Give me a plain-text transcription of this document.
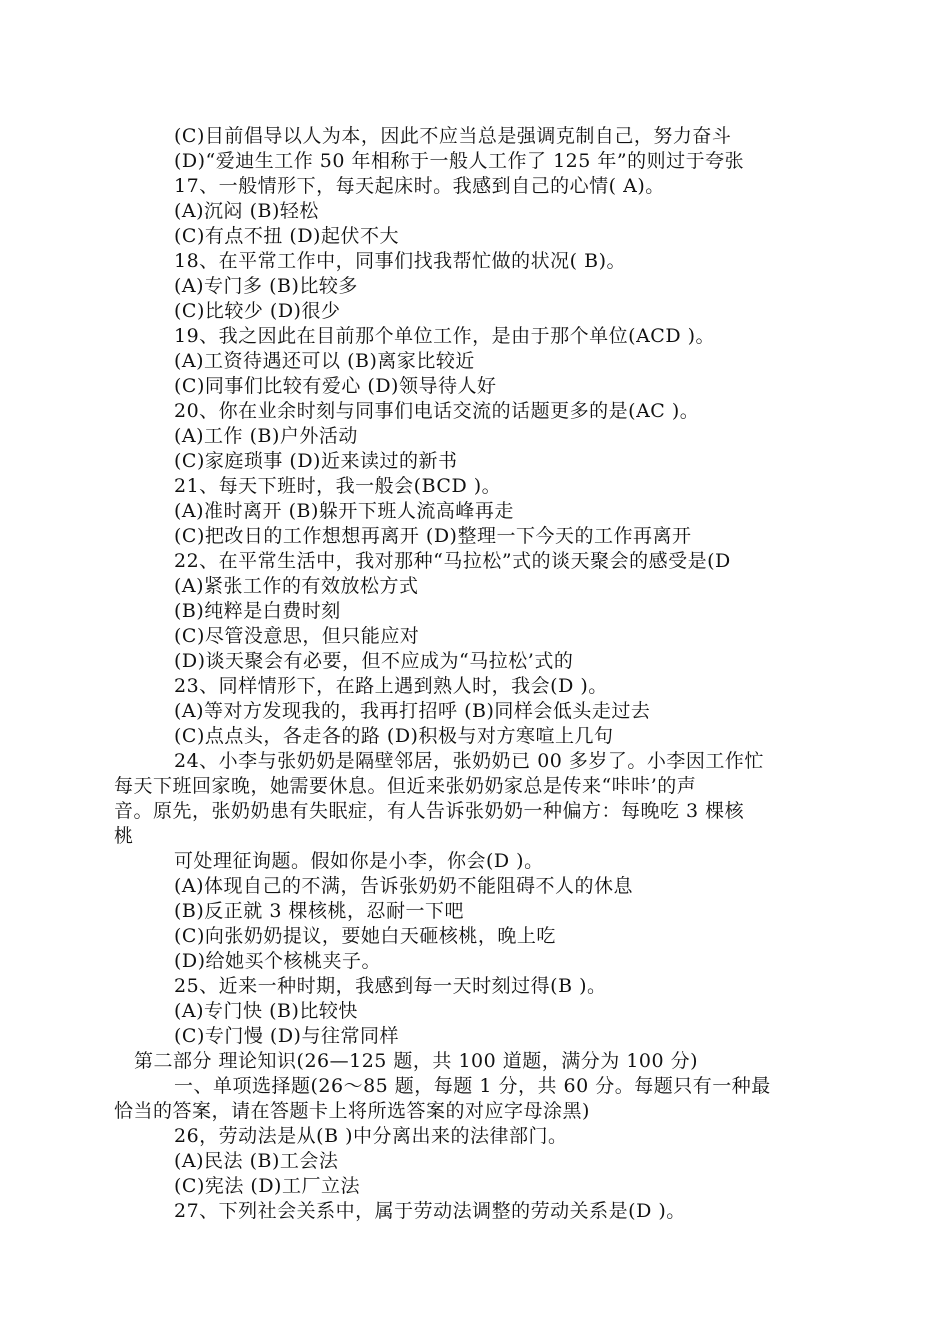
(C)目前倡导以人为本，因此不应当总是强调克制自己，努力奋斗
(D)“爱迪生工作 50 年相称于一般人工作了 125 年”的则过于夸张
17、一般情形下，每天起床时。我感到自己的心情( A)。
(A)沉闷 (B)轻松
(C)有点不扭 (D)起伏不大
18、在平常工作中，同事们找我帮忙做的状况( B)。
(A)专门多 (B)比较多
(C)比较少 (D)很少
19、我之因此在目前那个单位工作，是由于那个单位(ACD )。
(A)工资待遇还可以 (B)离家比较近
(C)同事们比较有爱心 (D)领导待人好
20、你在业余时刻与同事们电话交流的话题更多的是(AC )。
(A)工作 (B)户外活动
(C)家庭琐事 (D)近来读过的新书
21、每天下班时，我一般会(BCD )。
(A)准时离开 (B)躲开下班人流高峰再走
(C)把改日的工作想想再离开 (D)整理一下今天的工作再离开
22、在平常生活中，我对那种“马拉松”式的谈天聚会的感受是(D
(A)紧张工作的有效放松方式
(B)纯粹是白费时刻
(C)尽管没意思，但只能应对
(D)谈天聚会有必要，但不应成为“马拉松’式的
23、同样情形下，在路上遇到熟人时，我会(D )。
(A)等对方发现我的，我再打招呼 (B)同样会低头走过去
(C)点点头，各走各的路 (D)积极与对方寒喧上几句
24、小李与张奶奶是隔壁邻居，张奶奶已 00 多岁了。小李因工作忙
每天下班回家晚，她需要休息。但近来张奶奶家总是传来“咔咔’的声
音。原先，张奶奶患有失眠症，有人告诉张奶奶一种偏方：每晚吃 3 棵核
桃
可处理征询题。假如你是小李，你会(D )。
(A)体现自己的不满，告诉张奶奶不能阻碍不人的休息
(B)反正就 3 棵核桃，忍耐一下吧
(C)向张奶奶提议，要她白天砸核桃，晚上吃
(D)给她买个核桃夹子。
25、近来一种时期，我感到每一天时刻过得(B )。
(A)专门快 (B)比较快
(C)专门慢 (D)与往常同样
第二部分 理论知识(26—125 题，共 100 道题，满分为 100 分)
一、单项选择题(26～85 题，每题 1 分，共 60 分。每题只有一种最
恰当的答案，请在答题卡上将所选答案的对应字母涂黑)
26，劳动法是从(B )中分离出来的法律部门。
(A)民法 (B)工会法
(C)宪法 (D)工厂立法
27、下列社会关系中，属于劳动法调整的劳动关系是(D )。
